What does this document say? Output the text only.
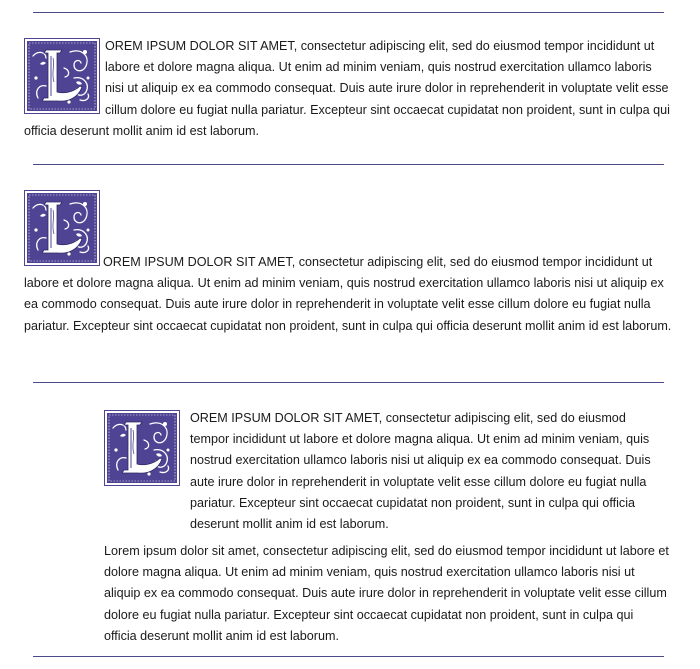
OREM IPSUM DOLOR SIT AMET, consectetur adipiscing elit, sed do eiusmod tempor incididunt ut labore et dolore magna aliqua. Ut enim ad minim veniam, quis nostrud exercitation ullamco laboris nisi ut aliquip ex ea commodo consequat. Duis aute irure dolor in reprehenderit in voluptate velit esse cillum dolore eu fugiat nulla pariatur. Excepteur sint occaecat cupidatat non proident, sunt in culpa qui officia deserunt mollit anim id est laborum.

OREM IPSUM DOLOR SIT AMET, consectetur adipiscing elit, sed do eiusmod tempor incididunt ut labore et dolore magna aliqua. Ut enim ad minim veniam, quis nostrud exercitation ullamco laboris nisi ut aliquip ex ea commodo consequat. Duis aute irure dolor in reprehenderit in voluptate velit esse cillum dolore eu fugiat nulla pariatur. Excepteur sint occaecat cupidatat non proident, sunt in culpa qui officia deserunt mollit anim id est laborum.

OREM IPSUM DOLOR SIT AMET, consectetur adipiscing elit, sed do eiusmod tempor incididunt ut labore et dolore magna aliqua. Ut enim ad minim veniam, quis nostrud exercitation ullamco laboris nisi ut aliquip ex ea commodo consequat. Duis aute irure dolor in reprehenderit in voluptate velit esse cillum dolore eu fugiat nulla pariatur. Excepteur sint occaecat cupidatat non proident, sunt in culpa qui officia deserunt mollit anim id est laborum.

Lorem ipsum dolor sit amet, consectetur adipiscing elit, sed do eiusmod tempor incididunt ut labore et dolore magna aliqua. Ut enim ad minim veniam, quis nostrud exercitation ullamco laboris nisi ut aliquip ex ea commodo consequat. Duis aute irure dolor in reprehenderit in voluptate velit esse cillum dolore eu fugiat nulla pariatur. Excepteur sint occaecat cupidatat non proident, sunt in culpa qui officia deserunt mollit anim id est laborum.
